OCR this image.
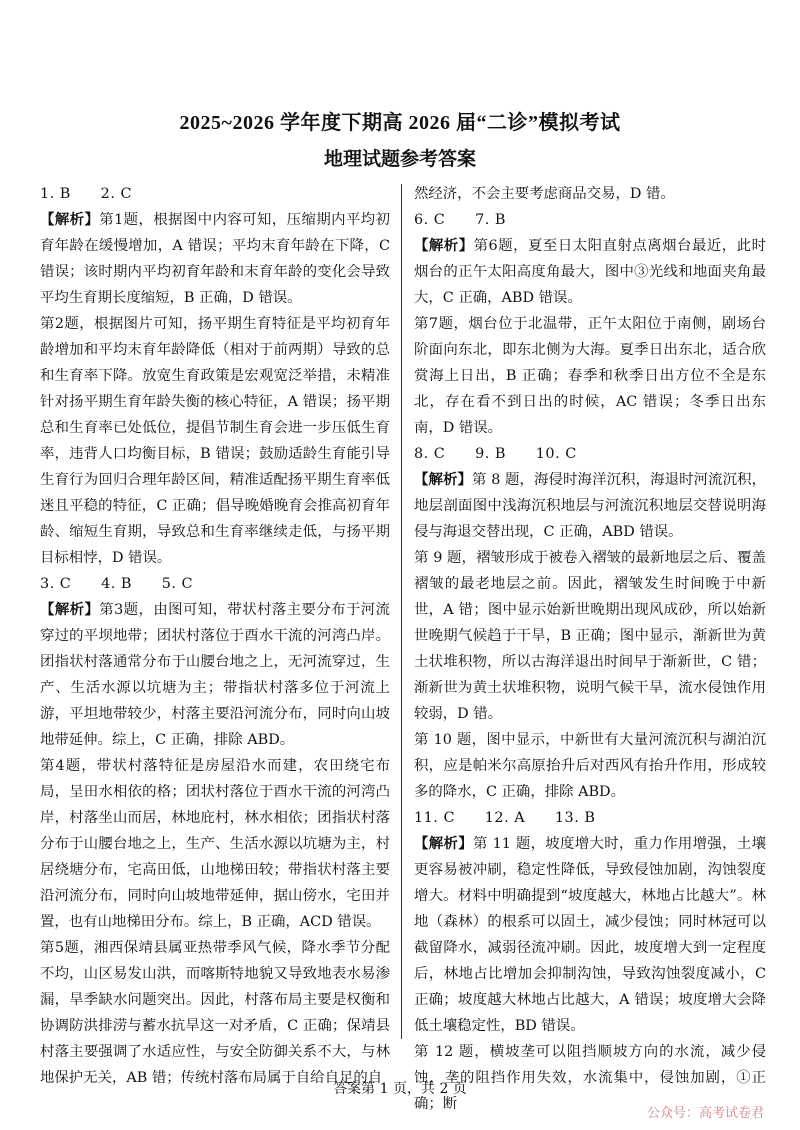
2025~2026 学年度下期高 2026 届“二诊”模拟考试
地理试题参考答案

1. B　　2. C

【解析】第1题，根据图中内容可知，压缩期内平均初育年龄在缓慢增加，A 错误；平均末育年龄在下降，C 错误；该时期内平均初育年龄和末育年龄的变化会导致平均生育期长度缩短，B 正确，D 错误。

第2题，根据图片可知，扬平期生育特征是平均初育年龄增加和平均末育年龄降低（相对于前两期）导致的总和生育率下降。放宽生育政策是宏观宽泛举措，未精准针对扬平期生育年龄失衡的核心特征，A 错误；扬平期总和生育率已处低位，提倡节制生育会进一步压低生育率，违背人口均衡目标，B 错误；鼓励适龄生育能引导生育行为回归合理年龄区间，精准适配扬平期生育率低迷且平稳的特征，C 正确；倡导晚婚晚育会推高初育年龄、缩短生育期，导致总和生育率继续走低，与扬平期目标相悖，D 错误。

3. C　　4. B　　5. C

【解析】第3题，由图可知，带状村落主要分布于河流穿过的平坝地带；团状村落位于酉水干流的河湾凸岸。团指状村落通常分布于山腰台地之上，无河流穿过，生产、生活水源以坑塘为主；带指状村落多位于河流上游，平坦地带较少，村落主要沿河流分布，同时向山坡地带延伸。综上，C 正确，排除 ABD。

第4题，带状村落特征是房屋沿水而建，农田绕宅布局，呈田水相依的格；团状村落位于酉水干流的河湾凸岸，村落坐山而居，林地庇村，林水相依；团指状村落分布于山腰台地之上，生产、生活水源以坑塘为主，村居绕塘分布，宅高田低，山地梯田较；带指状村落主要沿河流分布，同时向山坡地带延伸，据山傍水，宅田并置，也有山地梯田分布。综上，B 正确，ACD 错误。

第5题，湘西保靖县属亚热带季风气候，降水季节分配不均，山区易发山洪，而喀斯特地貌又导致地表水易渗漏，旱季缺水问题突出。因此，村落布局主要是权衡和协调防洪排涝与蓄水抗旱这一对矛盾，C 正确；保靖县村落主要强调了水适应性，与安全防御关系不大，与林地保护无关，AB 错；传统村落布局属于自给自足的自

然经济，不会主要考虑商品交易，D 错。

6. C　　7. B

【解析】第6题，夏至日太阳直射点离烟台最近，此时烟台的正午太阳高度角最大，图中③光线和地面夹角最大，C 正确，ABD 错误。

第7题，烟台位于北温带，正午太阳位于南侧，剧场台阶面向东北，即东北侧为大海。夏季日出东北，适合欣赏海上日出，B 正确；春季和秋季日出方位不全是东北，存在看不到日出的时候，AC 错误；冬季日出东南，D 错误。

8. C　　9. B　　10. C

【解析】第 8 题，海侵时海洋沉积，海退时河流沉积，地层剖面图中浅海沉积地层与河流沉积地层交替说明海侵与海退交替出现，C 正确，ABD 错误。

第 9 题，褶皱形成于被卷入褶皱的最新地层之后、覆盖褶皱的最老地层之前。因此，褶皱发生时间晚于中新世，A 错；图中显示始新世晚期出现风成砂，所以始新世晚期气候趋于干旱，B 正确；图中显示，渐新世为黄土状堆积物，所以古海洋退出时间早于渐新世，C 错；渐新世为黄土状堆积物，说明气候干旱，流水侵蚀作用较弱，D 错。

第 10 题，图中显示，中新世有大量河流沉积与湖泊沉积，应是帕米尔高原抬升后对西风有抬升作用，形成较多的降水，C 正确，排除 ABD。

11. C　　12. A　　13. B

【解析】第 11 题，坡度增大时，重力作用增强，土壤更容易被冲刷，稳定性降低，导致侵蚀加剧，沟蚀裂度增大。材料中明确提到“坡度越大，林地占比越大”。林地（森林）的根系可以固土，减少侵蚀；同时林冠可以截留降水，减弱径流冲刷。因此，坡度增大到一定程度后，林地占比增加会抑制沟蚀，导致沟蚀裂度减小，C 正确；坡度越大林地占比越大，A 错误；坡度增大会降低土壤稳定性，BD 错误。

第 12 题，横坡垄可以阻挡顺坡方向的水流，减少侵蚀，垄的阻挡作用失效，水流集中，侵蚀加剧，①正确；断

答案第 1 页，共 2 页
公众号：高考试卷君
